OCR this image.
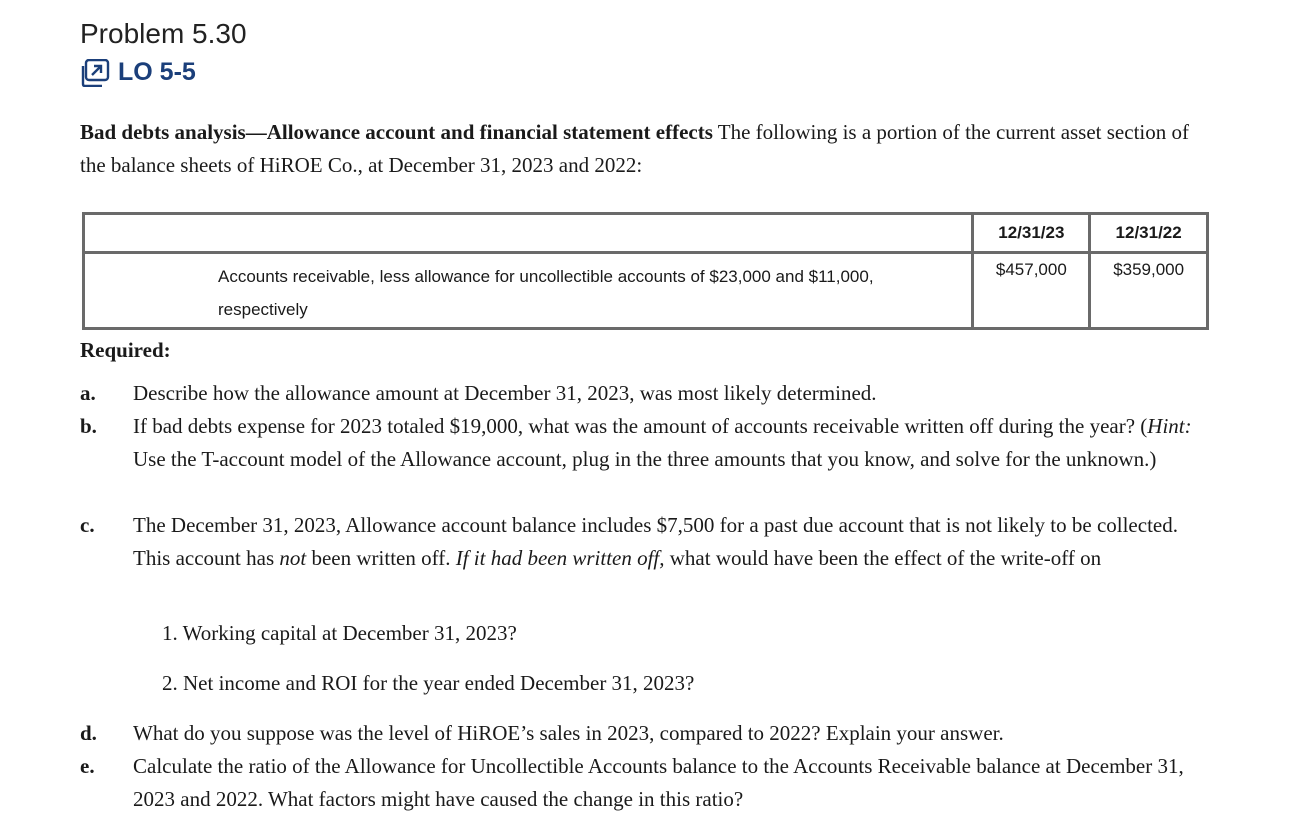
Problem 5.30
LO 5-5
Bad debts analysis—Allowance account and financial statement effects The following is a portion of the current asset section of the balance sheets of HiROE Co., at December 31, 2023 and 2022:
	12/31/23	12/31/22
Accounts receivable, less allowance for uncollectible accounts of $23,000 and $11,000, respectively	$457,000	$359,000
Required:
a. Describe how the allowance amount at December 31, 2023, was most likely determined.
b. If bad debts expense for 2023 totaled $19,000, what was the amount of accounts receivable written off during the year? (Hint: Use the T-account model of the Allowance account, plug in the three amounts that you know, and solve for the unknown.)
c. The December 31, 2023, Allowance account balance includes $7,500 for a past due account that is not likely to be collected. This account has not been written off. If it had been written off, what would have been the effect of the write-off on
1. Working capital at December 31, 2023?
2. Net income and ROI for the year ended December 31, 2023?
d. What do you suppose was the level of HiROE’s sales in 2023, compared to 2022? Explain your answer.
e. Calculate the ratio of the Allowance for Uncollectible Accounts balance to the Accounts Receivable balance at December 31, 2023 and 2022. What factors might have caused the change in this ratio?
